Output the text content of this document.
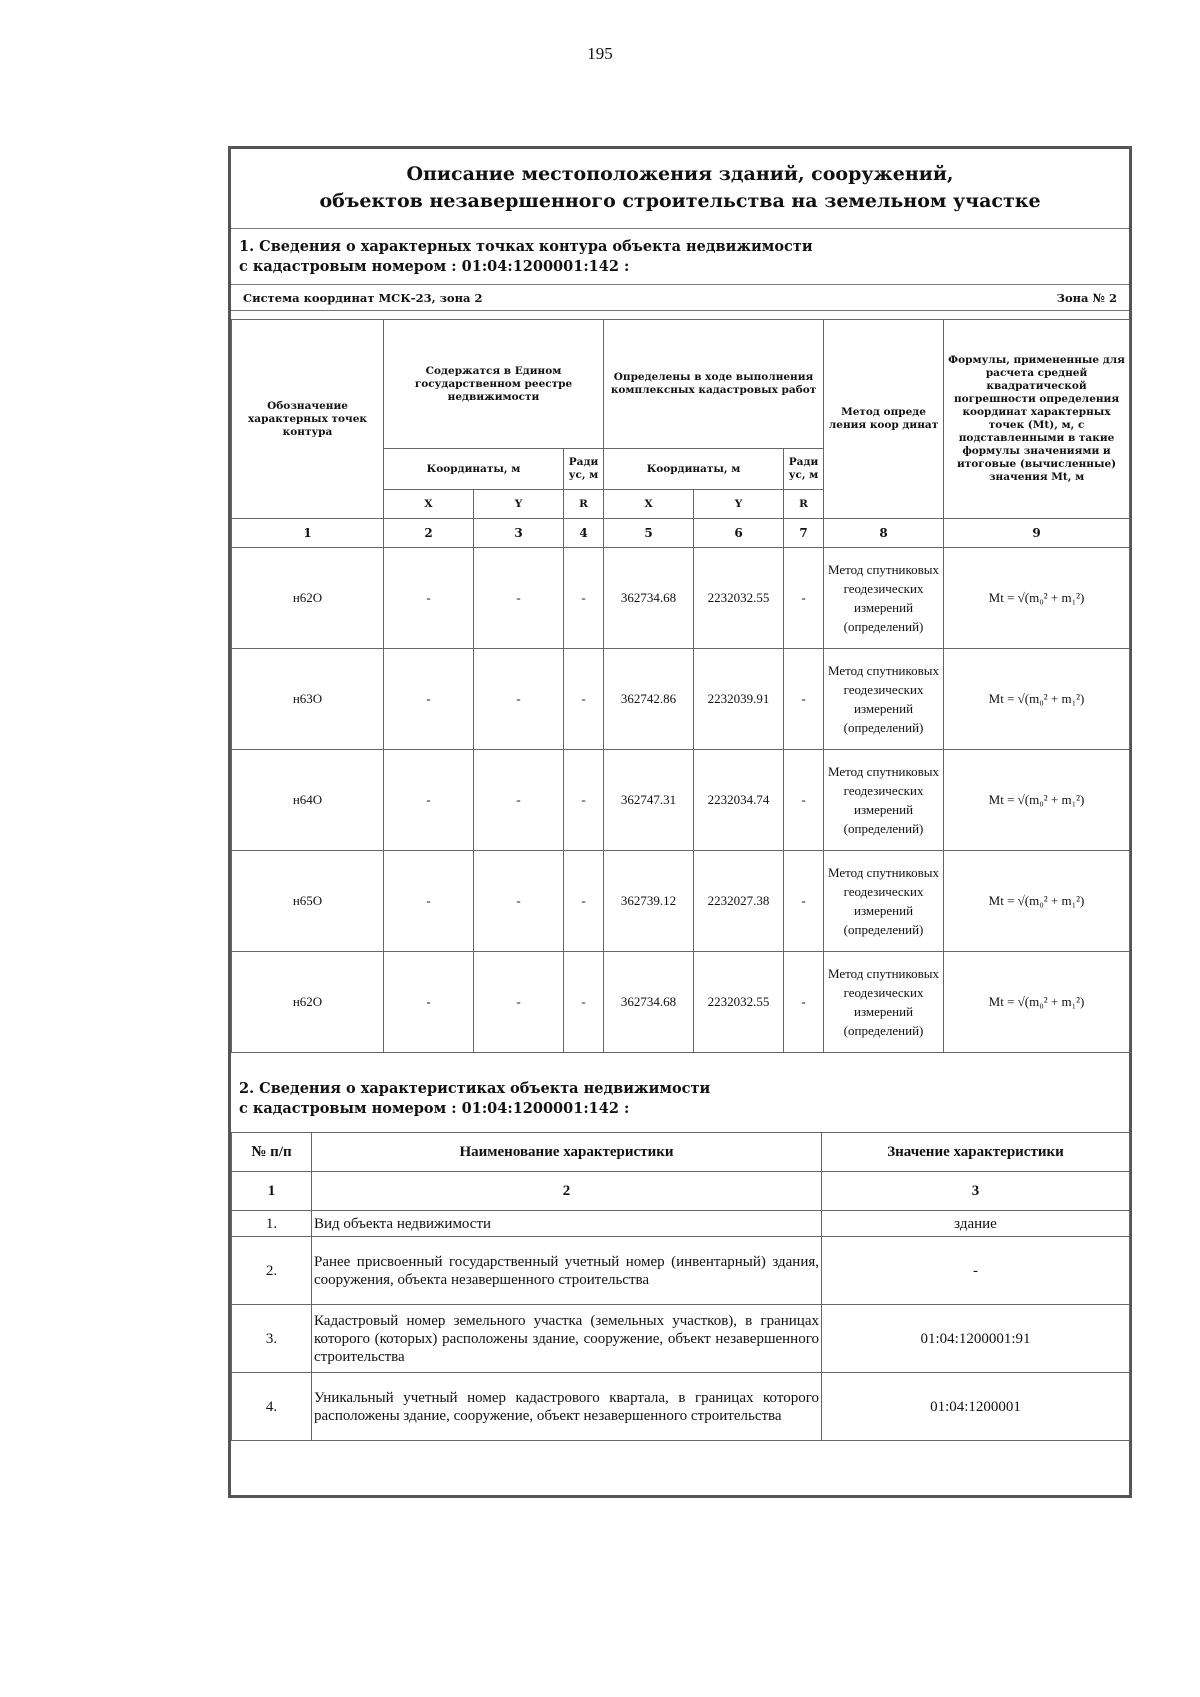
195
Описание местоположения зданий, сооружений,
объектов незавершенного строительства на земельном участке
1. Сведения о характерных точках контура объекта недвижимости
с кадастровым номером : 01:04:1200001:142 :
Система координат МСК-23, зона 2	Зона № 2
Обозначение характерных точек контура	Содержатся в Едином государственном реестре недвижимости			Определены в ходе выполнения комплексных кадастровых работ			Метод опреде ления коор динат	Формулы, примененные для расчета средней квадратической погрешности определения координат характерных точек (Mt), м, с подставленными в такие формулы значениями и итоговые (вычисленные) значения Mt, м
	Координаты, м		Ради ус, м	Координаты, м		Ради ус, м		
	X	Y	R	X	Y	R		
1	2	3	4	5	6	7	8	9
н62О	-	-	-	362734.68	2232032.55	-	Метод спутниковых геодезических измерений (определений)	Mt = √(m₀² + m₁²)
н63О	-	-	-	362742.86	2232039.91	-	Метод спутниковых геодезических измерений (определений)	Mt = √(m₀² + m₁²)
н64О	-	-	-	362747.31	2232034.74	-	Метод спутниковых геодезических измерений (определений)	Mt = √(m₀² + m₁²)
н65О	-	-	-	362739.12	2232027.38	-	Метод спутниковых геодезических измерений (определений)	Mt = √(m₀² + m₁²)
н62О	-	-	-	362734.68	2232032.55	-	Метод спутниковых геодезических измерений (определений)	Mt = √(m₀² + m₁²)
2. Сведения о характеристиках объекта недвижимости
с кадастровым номером : 01:04:1200001:142 :
№ п/п	Наименование характеристики	Значение характеристики
1	2	3
1.	Вид объекта недвижимости	здание
2.	Ранее присвоенный государственный учетный номер (инвентарный) здания, сооружения, объекта незавершенного строительства	-
3.	Кадастровый номер земельного участка (земельных участков), в границах которого (которых) расположены здание, сооружение, объект незавершенного строительства	01:04:1200001:91
4.	Уникальный учетный номер кадастрового квартала, в границах которого расположены здание, сооружение, объект незавершенного строительства	01:04:1200001
